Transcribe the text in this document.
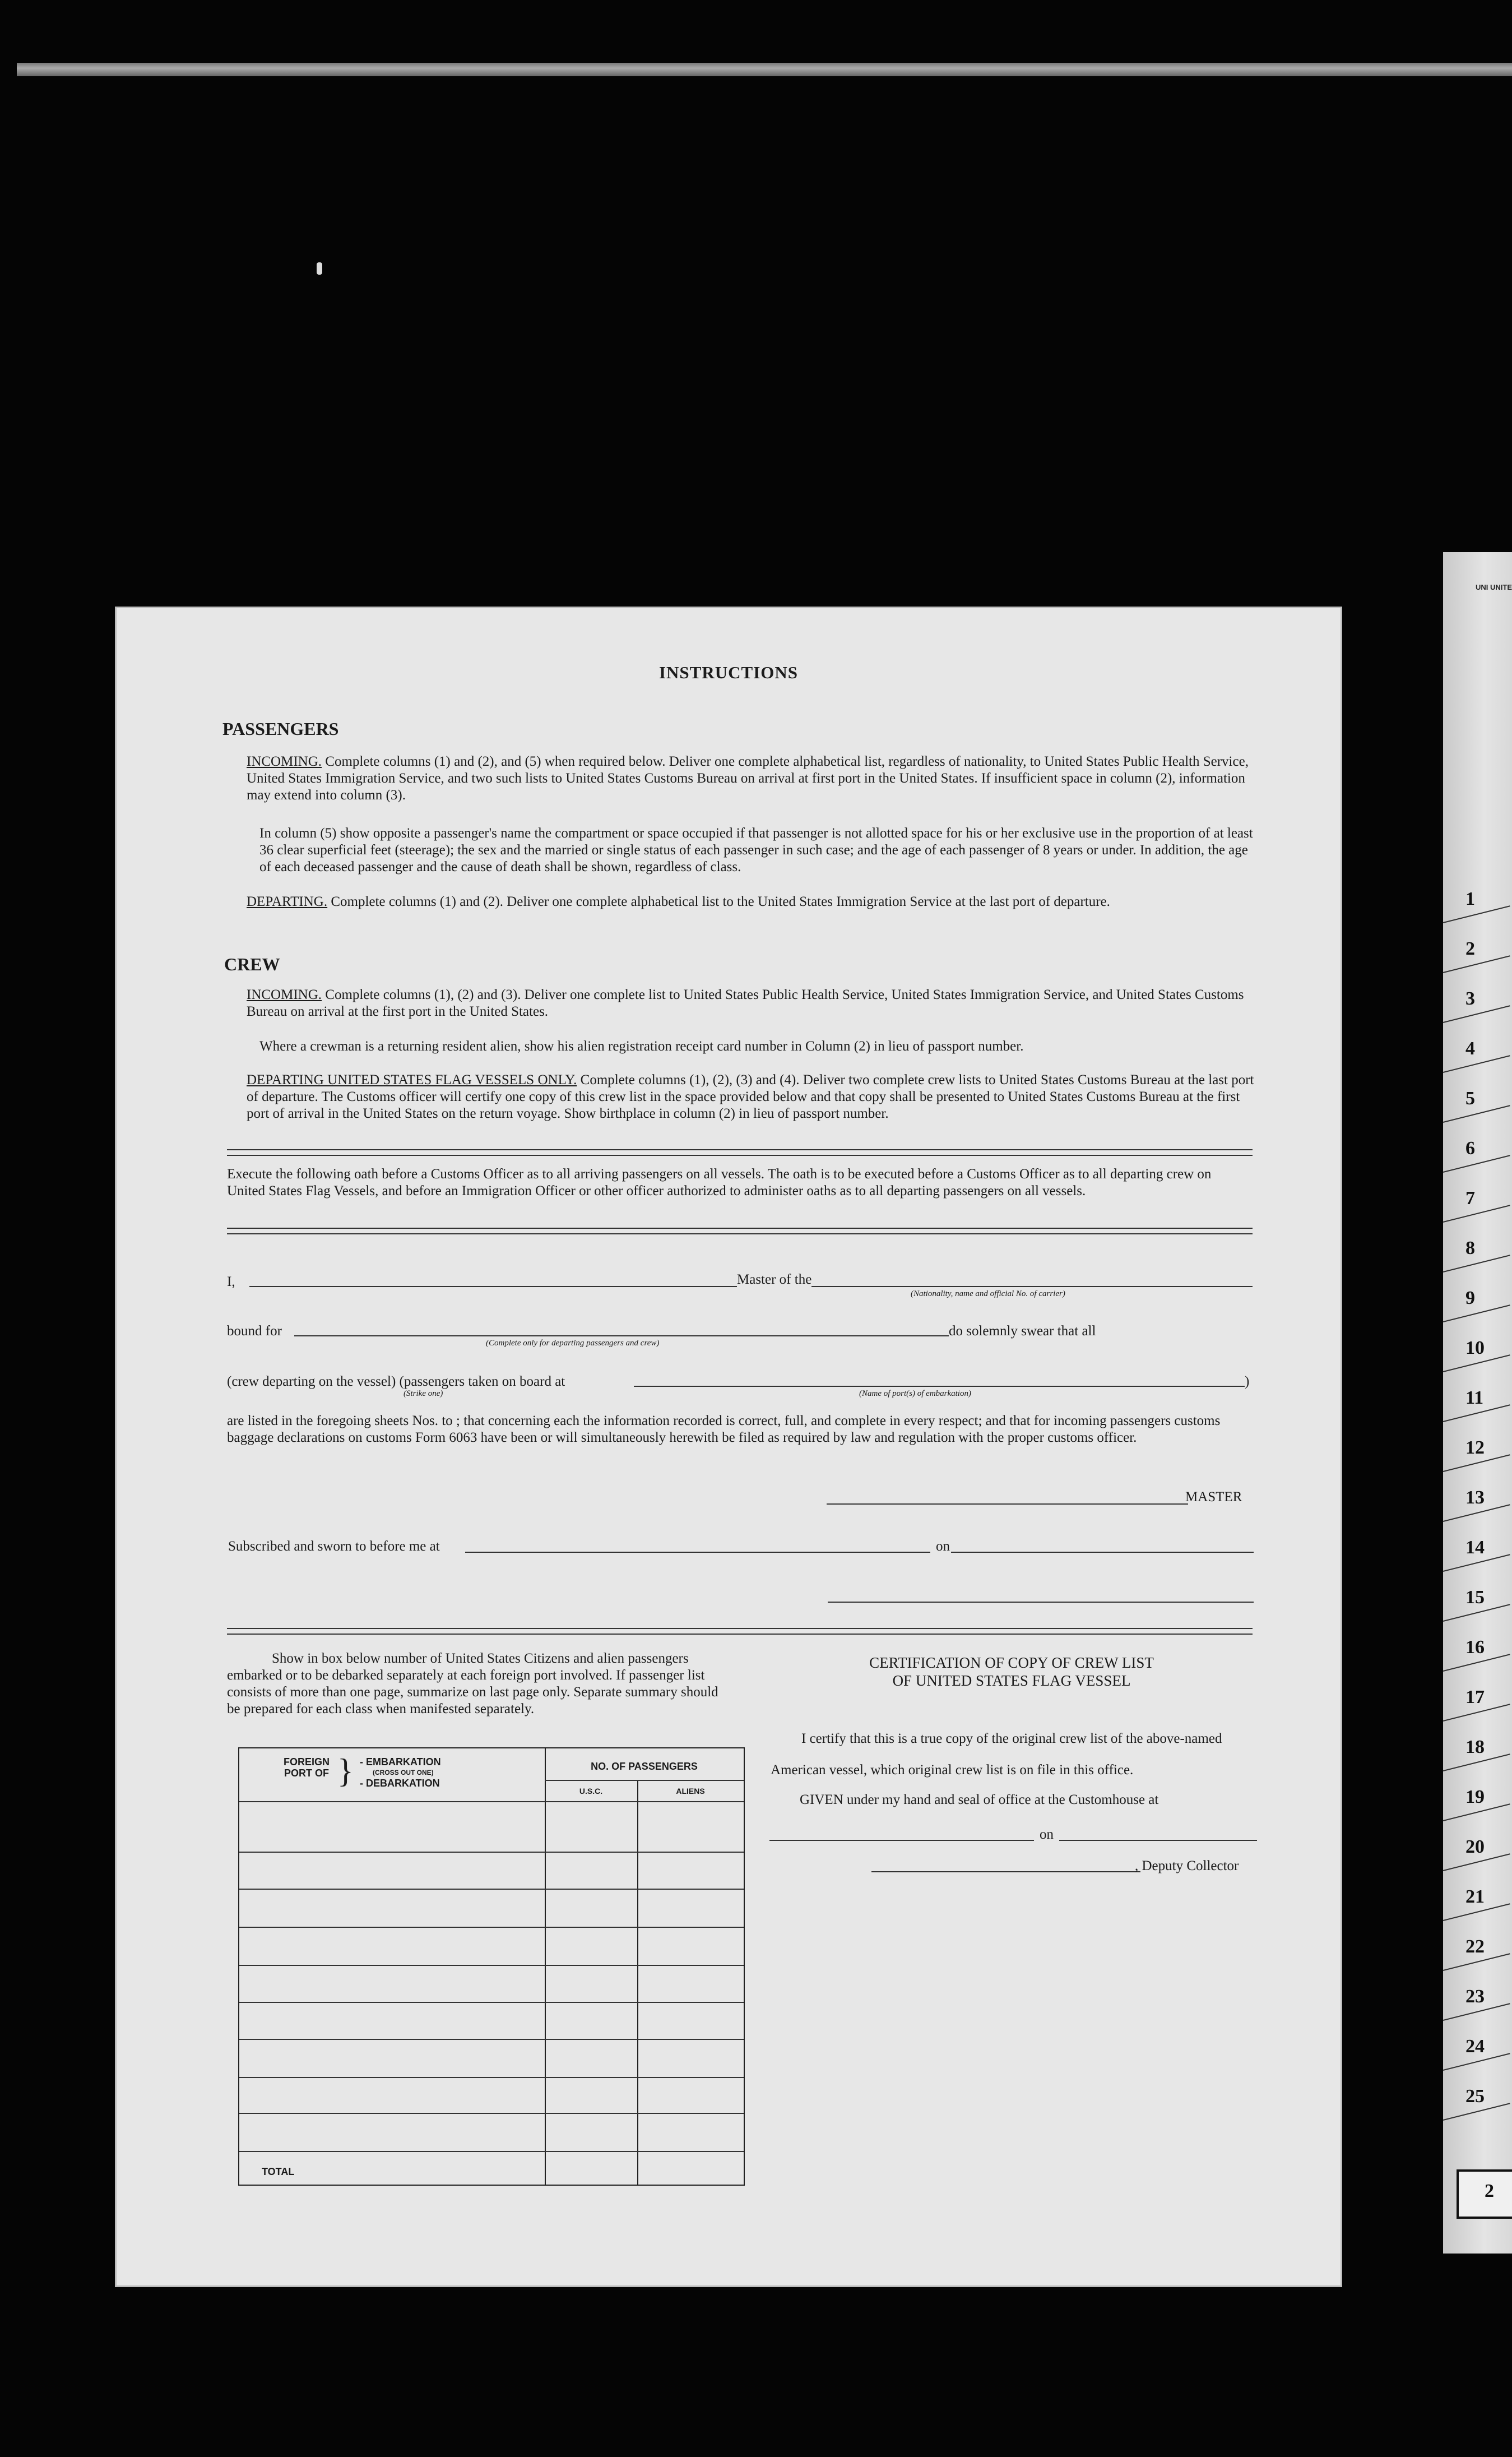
UNI UNITE
1
2
3
4
5
6
7
8
9
10
11
12
13
14
15
16
17
18
19
20
21
22
23
24
25
2
INSTRUCTIONS
PASSENGERS
INCOMING. Complete columns (1) and (2), and (5) when required below. Deliver one complete alphabetical list, regardless of nationality, to United States Public Health Service, United States Immigration Service, and two such lists to United States Customs Bureau on arrival at first port in the United States. If insufficient space in column (2), information may extend into column (3).
In column (5) show opposite a passenger's name the compartment or space occupied if that passenger is not allotted space for his or her exclusive use in the proportion of at least 36 clear superficial feet (steerage); the sex and the married or single status of each passenger in such case; and the age of each passenger of 8 years or under. In addition, the age of each deceased passenger and the cause of death shall be shown, regardless of class.
DEPARTING. Complete columns (1) and (2). Deliver one complete alphabetical list to the United States Immigration Service at the last port of departure.
CREW
INCOMING. Complete columns (1), (2) and (3). Deliver one complete list to United States Public Health Service, United States Immigration Service, and United States Customs Bureau on arrival at the first port in the United States.
Where a crewman is a returning resident alien, show his alien registration receipt card number in Column (2) in lieu of passport number.
DEPARTING UNITED STATES FLAG VESSELS ONLY. Complete columns (1), (2), (3) and (4). Deliver two complete crew lists to United States Customs Bureau at the last port of departure. The Customs officer will certify one copy of this crew list in the space provided below and that copy shall be presented to United States Customs Bureau at the first port of arrival in the United States on the return voyage. Show birthplace in column (2) in lieu of passport number.
Execute the following oath before a Customs Officer as to all arriving passengers on all vessels. The oath is to be executed before a Customs Officer as to all departing crew on United States Flag Vessels, and before an Immigration Officer or other officer authorized to administer oaths as to all departing passengers on all vessels.
I,	Master of the
(Nationality, name and official No. of carrier)
bound for
(Complete only for departing passengers and crew)
do solemnly swear that all
(crew departing on the vessel) (passengers taken on board at
(Strike one)	(Name of port(s) of embarkation)
)
are listed in the foregoing sheets Nos. to ; that concerning each the information recorded is correct, full, and complete in every respect; and that for incoming passengers customs baggage declarations on customs Form 6063 have been or will simultaneously herewith be filed as required by law and regulation with the proper customs officer.
MASTER
Subscribed and sworn to before me at	on
Show in box below number of United States Citizens and alien passengers embarked or to be debarked separately at each foreign port involved. If passenger list consists of more than one page, summarize on last page only. Separate summary should be prepared for each class when manifested separately.
FOREIGN PORT OF } - EMBARKATION
(CROSS OUT ONE)
- DEBARKATION
NO. OF PASSENGERS
U.S.C.	ALIENS
TOTAL
CERTIFICATION OF COPY OF CREW LIST
OF UNITED STATES FLAG VESSEL
I certify that this is a true copy of the original crew list of the above-named American vessel, which original crew list is on file in this office.
GIVEN under my hand and seal of office at the Customhouse at
on
, Deputy Collector
